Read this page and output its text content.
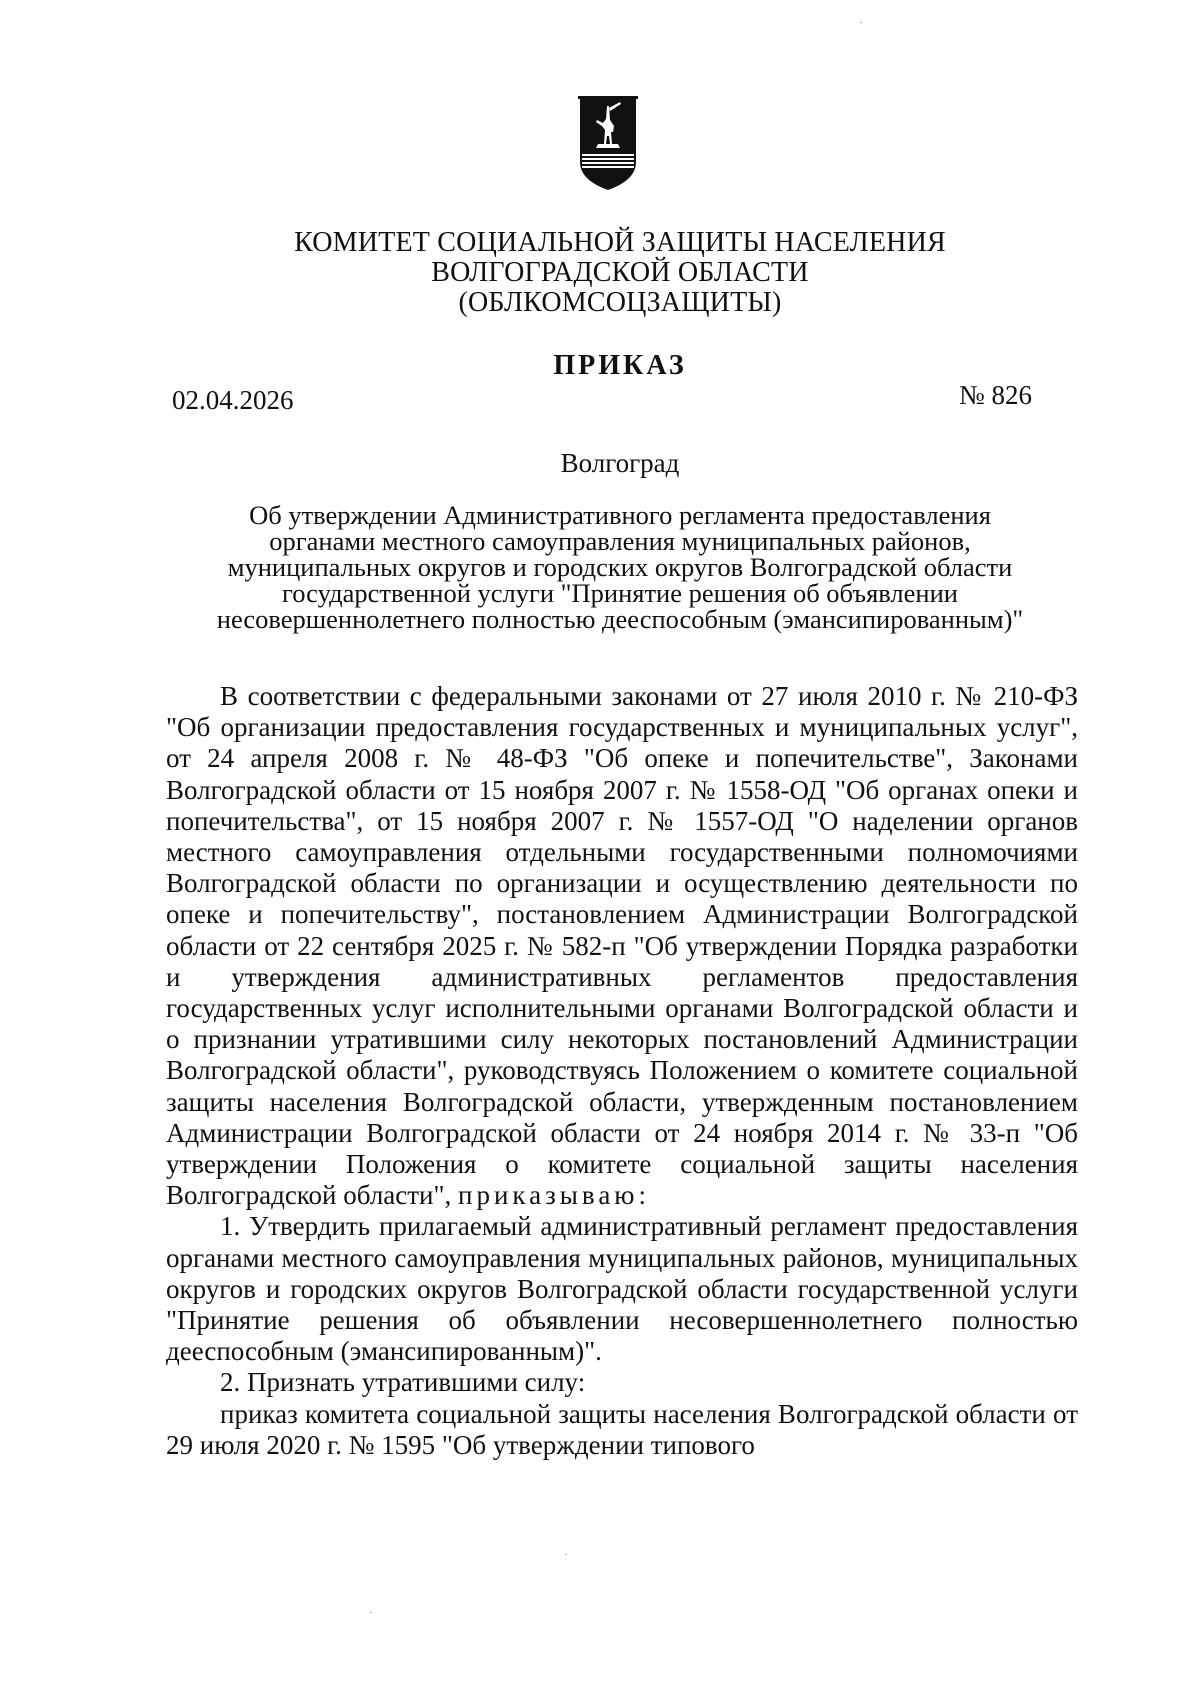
КОМИТЕТ СОЦИАЛЬНОЙ ЗАЩИТЫ НАСЕЛЕНИЯ
ВОЛГОГРАДСКОЙ ОБЛАСТИ
(ОБЛКОМСОЦЗАЩИТЫ)
ПРИКАЗ
02.04.2026	№ 826
Волгоград
Об утверждении Административного регламента предоставления
органами местного самоуправления муниципальных районов,
муниципальных округов и городских округов Волгоградской области
государственной услуги "Принятие решения об объявлении
несовершеннолетнего полностью дееспособным (эмансипированным)"

В соответствии с федеральными законами от 27 июля 2010 г. № 210-ФЗ "Об организации предоставления государственных и муниципальных услуг", от 24 апреля 2008 г. № 48-ФЗ "Об опеке и попечительстве", Законами Волгоградской области от 15 ноября 2007 г. № 1558-ОД "Об органах опеки и попечительства", от 15 ноября 2007 г. № 1557-ОД "О наделении органов местного самоуправления отдельными государственными полномочиями Волгоградской области по организации и осуществлению деятельности по опеке и попечительству", постановлением Администрации Волгоградской области от 22 сентября 2025 г. № 582-п "Об утверждении Порядка разработки и утверждения административных регламентов предоставления государственных услуг исполнительными органами Волгоградской области и о признании утратившими силу некоторых постановлений Администрации Волгоградской области", руководствуясь Положением о комитете социальной защиты населения Волгоградской области, утвержденным постановлением Администрации Волгоградской области от 24 ноября 2014 г. № 33-п "Об утверждении Положения о комитете социальной защиты населения Волгоградской области", приказываю:

1. Утвердить прилагаемый административный регламент предоставления органами местного самоуправления муниципальных районов, муниципальных округов и городских округов Волгоградской области государственной услуги "Принятие решения об объявлении несовершеннолетнего полностью дееспособным (эмансипированным)".

2. Признать утратившими силу:

приказ комитета социальной защиты населения Волгоградской области от 29 июля 2020 г. № 1595 "Об утверждении типового
